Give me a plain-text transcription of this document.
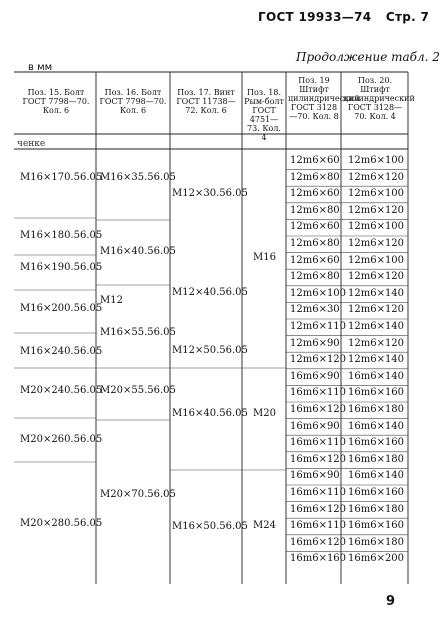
ГОСТ 19933—74 Стр. 7
Продолжение табл. 2
в мм
ченке
Поз. 15. Болт ГОСТ 7798—70. Кол. 6
Поз. 16. Болт ГОСТ 7798—70. Кол. 6
Поз. 17. Винт ГОСТ 11738—72. Кол. 6
Поз. 18. Рым-болт ГОСТ 4751—73. Кол. 4
Поз. 19 Штифт цилиндрический ГОСТ 3128—70. Кол. 8
Поз. 20. Штифт цилиндрический ГОСТ 3128—70. Кол. 4
M16×170.56.05
M16×180.56.05
M16×190.56.05
M16×200.56.05
M16×240.56.05
M20×240.56.05
M20×260.56.05
M20×280.56.05
M16×35.56.05
M16×40.56.05
M12
M16×55.56.05
M20×55.56.05
M20×70.56.05
M12×30.56.05
M12×40.56.05
M12×50.56.05
M16×40.56.05
M16×50.56.05
M16
M20
M24
12m6×60 12m6×100
12m6×80 12m6×120
12m6×60 12m6×100
12m6×80 12m6×120
12m6×60 12m6×100
12m6×80 12m6×120
12m6×60 12m6×100
12m6×80 12m6×120
12m6×100 12m6×140
12m6×30 12m6×120
12m6×110 12m6×140
12m6×90 12m6×120
12m6×120 12m6×140
16m6×90 16m6×140
16m6×110 16m6×160
16m6×120 16m6×180
16m6×90 16m6×140
16m6×110 16m6×160
16m6×120 16m6×180
16m6×90 16m6×140
16m6×110 16m6×160
16m6×120 16m6×180
16m6×110 16m6×160
16m6×120 16m6×180
16m6×160 16m6×200
9
